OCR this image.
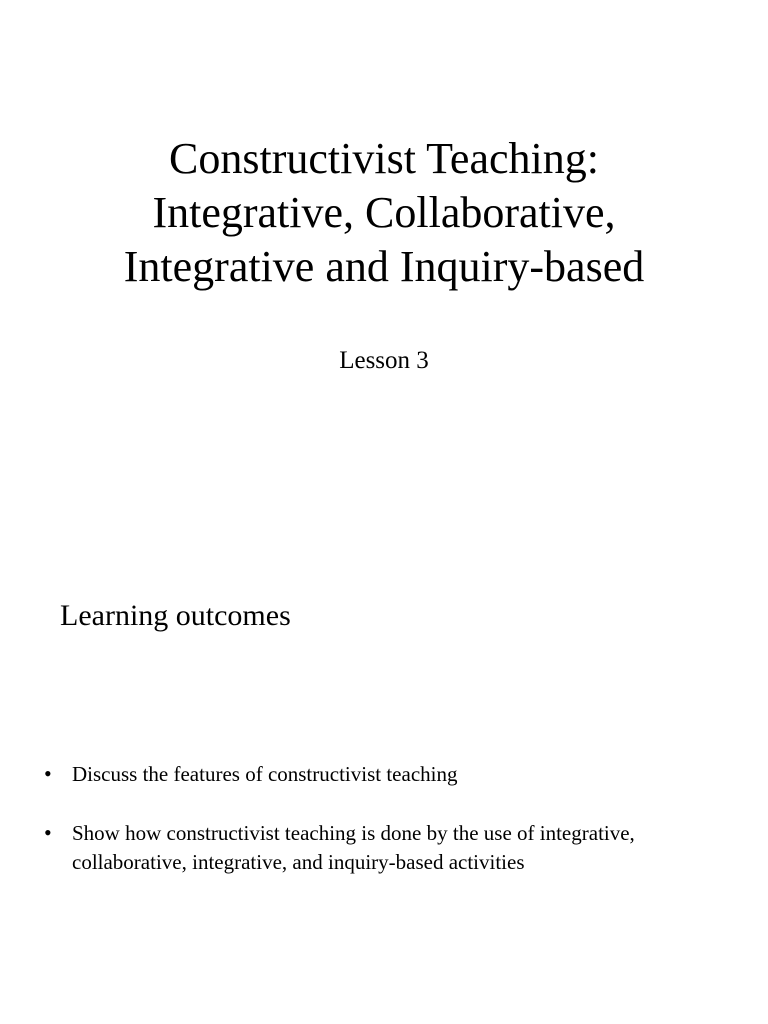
Constructivist Teaching:
Integrative, Collaborative,
Integrative and Inquiry-based

Lesson 3

Learning outcomes
• Discuss the features of constructivist teaching
• Show how constructivist teaching is done by the use of integrative, collaborative, integrative, and inquiry-based activities
